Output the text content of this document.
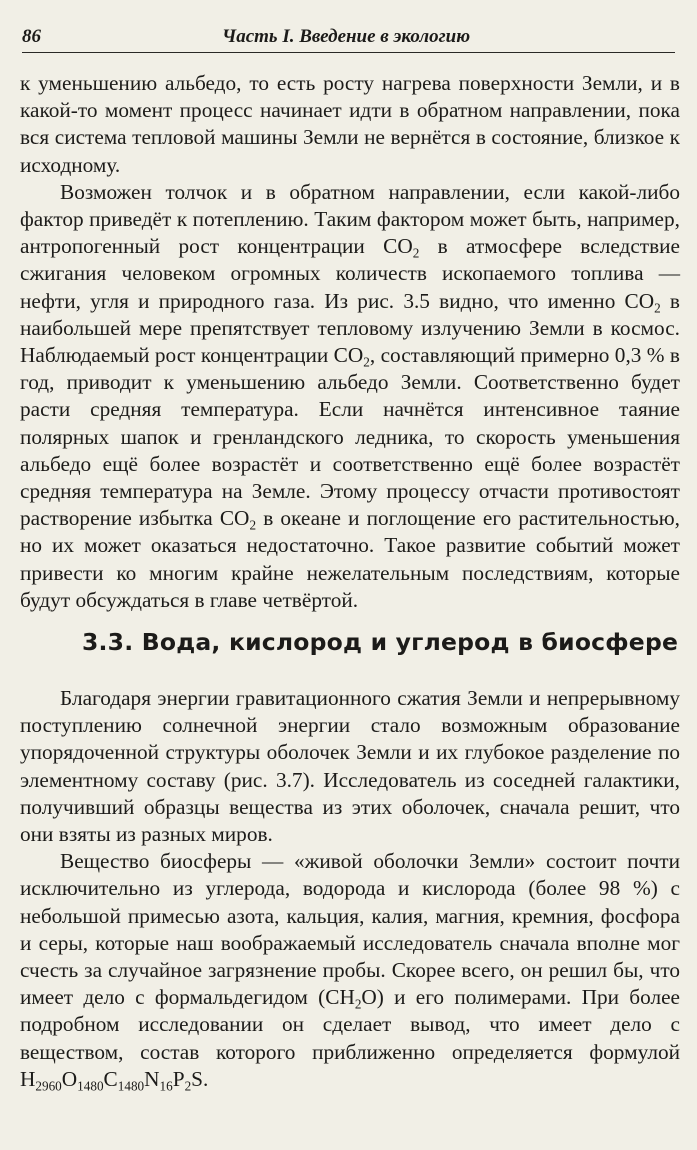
86	Часть I. Введение в экологию

к уменьшению альбедо, то есть росту нагрева поверхности Земли, и в какой-то момент процесс начинает идти в обратном направлении, пока вся система тепловой машины Земли не вернётся в состояние, близкое к исходному.

Возможен толчок и в обратном направлении, если какой-либо фактор приведёт к потеплению. Таким фактором может быть, например, антропогенный рост концентрации $CO_2$ в атмосфере вследствие сжигания человеком огромных количеств ископаемого топлива — нефти, угля и природного газа. Из рис. 3.5 видно, что именно $CO_2$ в наибольшей мере препятствует тепловому излучению Земли в космос. Наблюдаемый рост концентрации $CO_2$, составляющий примерно 0,3 % в год, приводит к уменьшению альбедо Земли. Соответственно будет расти средняя температура. Если начнётся интенсивное таяние полярных шапок и гренландского ледника, то скорость уменьшения альбедо ещё более возрастёт и соответственно ещё более возрастёт средняя температура на Земле. Этому процессу отчасти противостоят растворение избытка $CO_2$ в океане и поглощение его растительностью, но их может оказаться недостаточно. Такое развитие событий может привести ко многим крайне нежелательным последствиям, которые будут обсуждаться в главе четвёртой.

3.3. Вода, кислород и углерод в биосфере

Благодаря энергии гравитационного сжатия Земли и непрерывному поступлению солнечной энергии стало возможным образование упорядоченной структуры оболочек Земли и их глубокое разделение по элементному составу (рис. 3.7). Исследователь из соседней галактики, получивший образцы вещества из этих оболочек, сначала решит, что они взяты из разных миров.

Вещество биосферы — «живой оболочки Земли» состоит почти исключительно из углерода, водорода и кислорода (более 98 %) с небольшой примесью азота, кальция, калия, магния, кремния, фосфора и серы, которые наш воображаемый исследователь сначала вполне мог счесть за случайное загрязнение пробы. Скорее всего, он решил бы, что имеет дело с формальдегидом $(CH_2O)$ и его полимерами. При более подробном исследовании он сделает вывод, что имеет дело с веществом, состав которого приближенно определяется формулой $H_{2960}O_{1480}C_{1480}N_{16}P_2S$.
